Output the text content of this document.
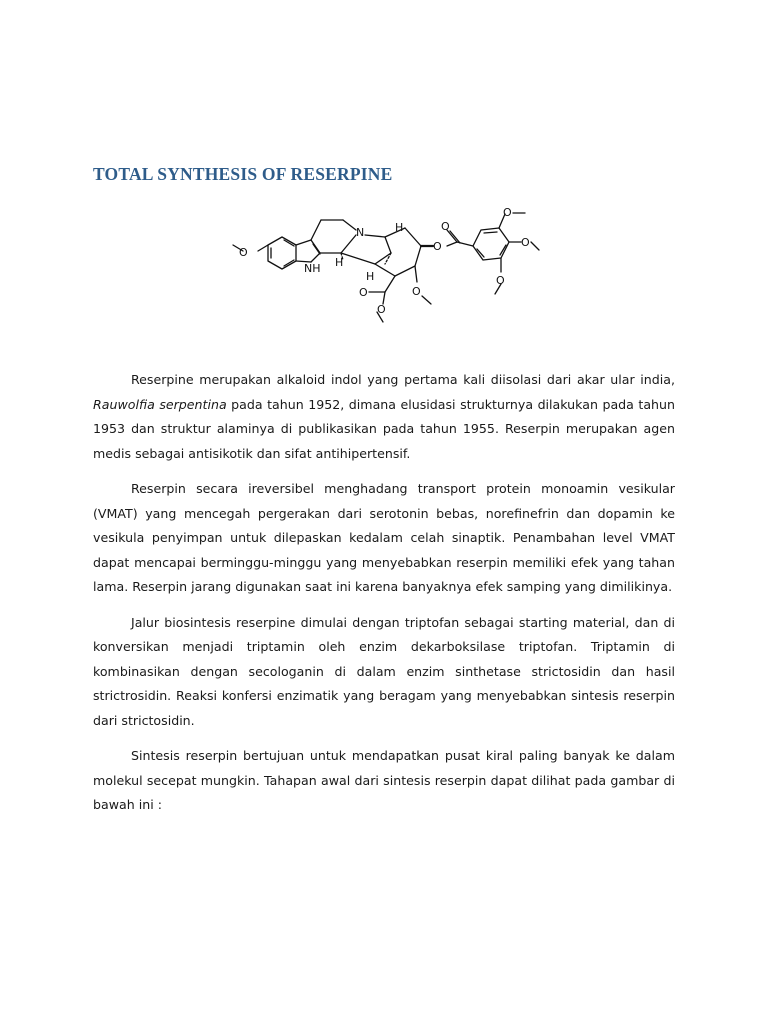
TOTAL SYNTHESIS OF RESERPINE
O
NH
N	H
H
H
O
O
O
O
O
O
O
O

Reserpine merupakan alkaloid indol yang pertama kali diisolasi dari akar ular india, Rauwolfia serpentina pada tahun 1952, dimana elusidasi strukturnya dilakukan pada tahun 1953 dan struktur alaminya di publikasikan pada tahun 1955. Reserpin merupakan agen medis sebagai antisikotik dan sifat antihipertensif.

Reserpin secara ireversibel menghadang transport protein monoamin vesikular (VMAT) yang mencegah pergerakan dari serotonin bebas, norefinefrin dan dopamin ke vesikula penyimpan untuk dilepaskan kedalam celah sinaptik. Penambahan level VMAT dapat mencapai berminggu-minggu yang menyebabkan reserpin memiliki efek yang tahan lama. Reserpin jarang digunakan saat ini karena banyaknya efek samping yang dimilikinya.

Jalur biosintesis reserpine dimulai dengan triptofan sebagai starting material, dan di konversikan menjadi triptamin oleh enzim dekarboksilase triptofan. Triptamin di kombinasikan dengan secologanin di dalam enzim sinthetase strictosidin dan hasil strictrosidin. Reaksi konfersi enzimatik yang beragam yang menyebabkan sintesis reserpin dari strictosidin.

Sintesis reserpin bertujuan untuk mendapatkan pusat kiral paling banyak ke dalam molekul secepat mungkin. Tahapan awal dari sintesis reserpin dapat dilihat pada gambar di bawah ini :
